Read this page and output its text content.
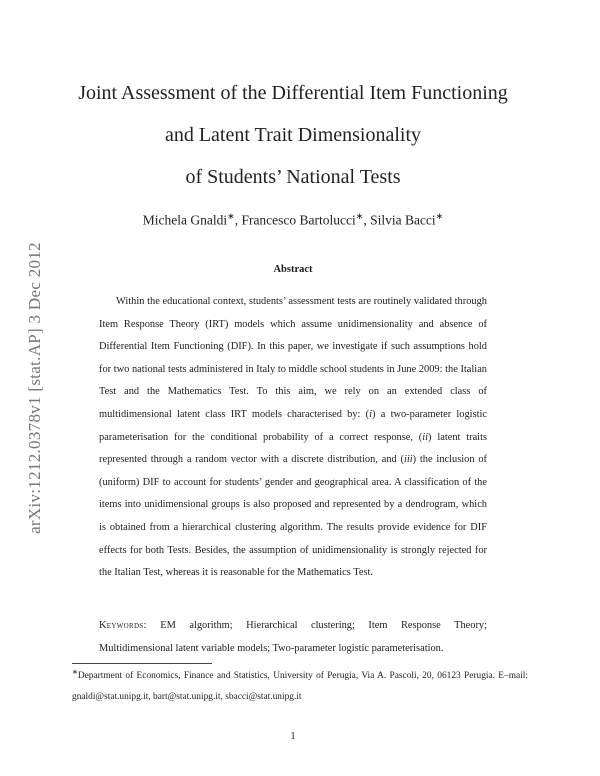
arXiv:1212.0378v1 [stat.AP] 3 Dec 2012
Joint Assessment of the Differential Item Functioning
and Latent Trait Dimensionality
of Students’ National Tests
Michela Gnaldi∗, Francesco Bartolucci∗, Silvia Bacci∗
Abstract

Within the educational context, students’ assessment tests are routinely validated through Item Response Theory (IRT) models which assume unidimensionality and absence of Differential Item Functioning (DIF). In this paper, we investigate if such assumptions hold for two national tests administered in Italy to middle school students in June 2009: the Italian Test and the Mathematics Test. To this aim, we rely on an extended class of multidimensional latent class IRT models characterised by: (i) a two-parameter logistic parameterisation for the conditional probability of a correct response, (ii) latent traits represented through a random vector with a discrete distribution, and (iii) the inclusion of (uniform) DIF to account for students’ gender and geographical area. A classification of the items into unidimensional groups is also proposed and represented by a dendrogram, which is obtained from a hierarchical clustering algorithm. The results provide evidence for DIF effects for both Tests. Besides, the assumption of unidimensionality is strongly rejected for the Italian Test, whereas it is reasonable for the Mathematics Test.

Keywords: EM algorithm; Hierarchical clustering; Item Response Theory; Multidimensional latent variable models; Two-parameter logistic parameterisation.
∗Department of Economics, Finance and Statistics, University of Perugia, Via A. Pascoli, 20, 06123 Perugia. E–mail: gnaldi@stat.unipg.it, bart@stat.unipg.it, sbacci@stat.unipg.it
1
